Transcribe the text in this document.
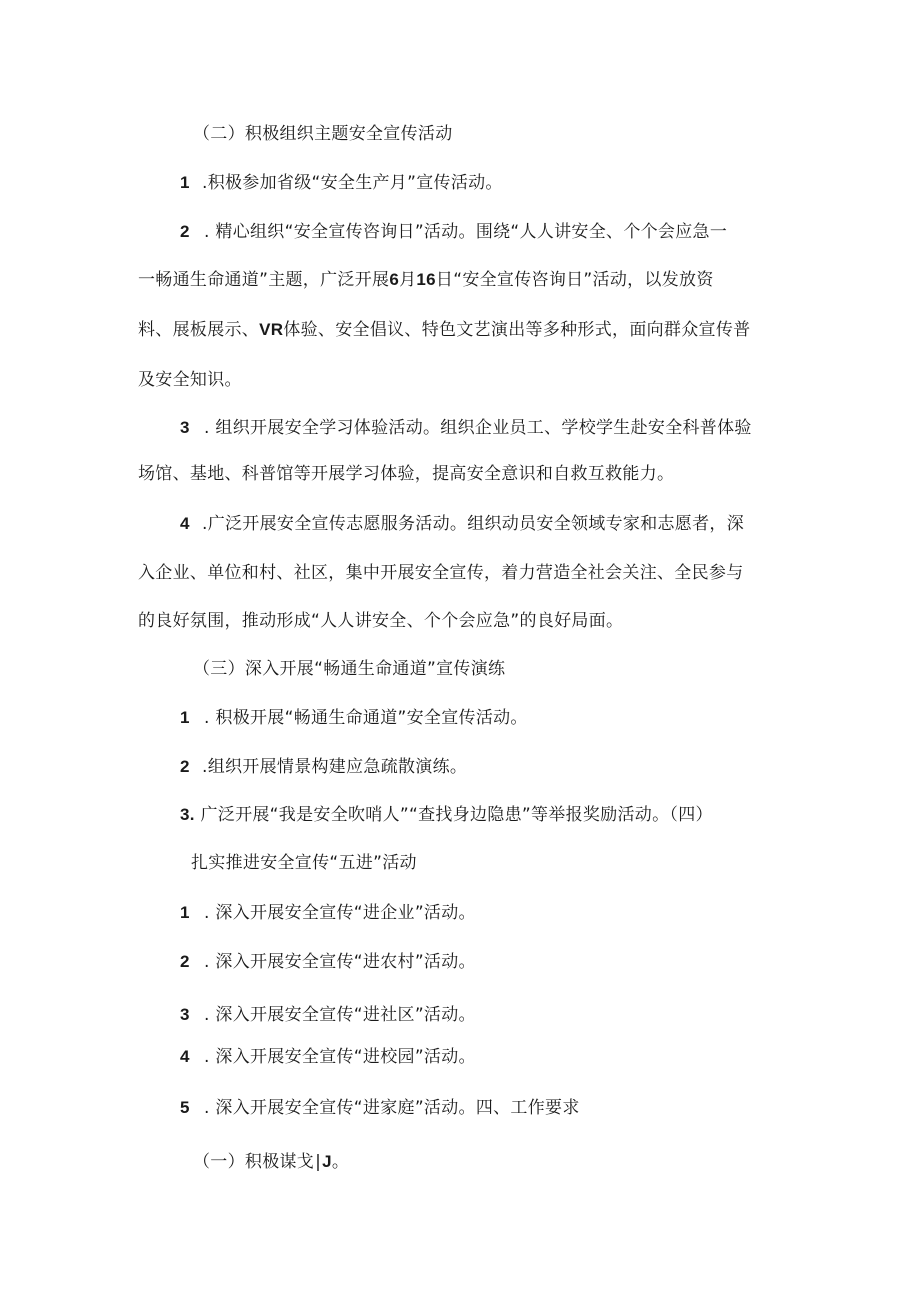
（二）积极组织主题安全宣传活动
1 .积极参加省级“安全生产月”宣传活动。
2 . 精心组织“安全宣传咨询日”活动。围绕“人人讲安全、个个会应急一
一畅通生命通道”主题，广泛开展6月16日“安全宣传咨询日”活动，以发放资
料、展板展示、VR体验、安全倡议、特色文艺演出等多种形式，面向群众宣传普
及安全知识。
3 . 组织开展安全学习体验活动。组织企业员工、学校学生赴安全科普体验
场馆、基地、科普馆等开展学习体验，提高安全意识和自救互救能力。
4 .广泛开展安全宣传志愿服务活动。组织动员安全领域专家和志愿者，深
入企业、单位和村、社区，集中开展安全宣传，着力营造全社会关注、全民参与
的良好氛围，推动形成“人人讲安全、个个会应急”的良好局面。
（三）深入开展“畅通生命通道”宣传演练
1 . 积极开展“畅通生命通道”安全宣传活动。
2 .组织开展情景构建应急疏散演练。
3. 广泛开展“我是安全吹哨人”“查找身边隐患”等举报奖励活动。（四）
扎实推进安全宣传“五进”活动
1 . 深入开展安全宣传“进企业”活动。
2 . 深入开展安全宣传“进农村”活动。
3 . 深入开展安全宣传“进社区”活动。
4 . 深入开展安全宣传“进校园”活动。
5 . 深入开展安全宣传“进家庭”活动。四、工作要求
（一）积极谋戈|J。
